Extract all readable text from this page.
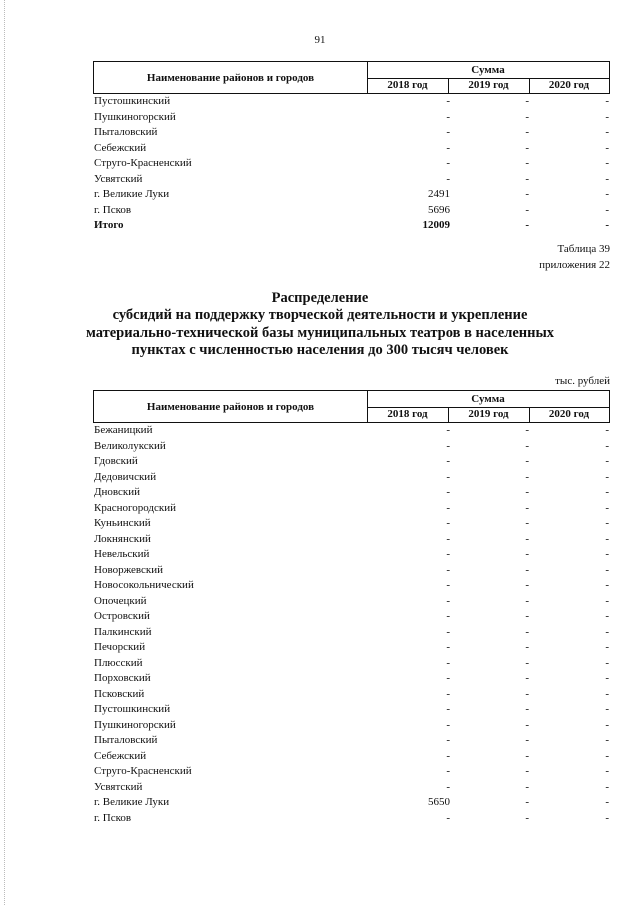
91
Наименование районов и городов
Сумма
2018 год	2019 год	2020 год
Пустошкинский	-	-	-
Пушкиногорский	-	-	-
Пыталовский	-	-	-
Себежский	-	-	-
Струго-Красненский	-	-	-
Усвятский	-	-	-
г. Великие Луки	2491	-	-
г. Псков	5696	-	-
Итого	12009	-	-
Таблица 39
приложения 22
Распределение
субсидий на поддержку творческой деятельности и укрепление
материально-технической базы муниципальных театров в населенных
пунктах с численностью населения до 300 тысяч человек
тыс. рублей
Наименование районов и городов
Сумма
2018 год	2019 год	2020 год
Бежаницкий	-	-	-
Великолукский	-	-	-
Гдовский	-	-	-
Дедовичский	-	-	-
Дновский	-	-	-
Красногородский	-	-	-
Куньинский	-	-	-
Локнянский	-	-	-
Невельский	-	-	-
Новоржевский	-	-	-
Новосокольнический	-	-	-
Опочецкий	-	-	-
Островский	-	-	-
Палкинский	-	-	-
Печорский	-	-	-
Плюсский	-	-	-
Порховский	-	-	-
Псковский	-	-	-
Пустошкинский	-	-	-
Пушкиногорский	-	-	-
Пыталовский	-	-	-
Себежский	-	-	-
Струго-Красненский	-	-	-
Усвятский	-	-	-
г. Великие Луки	5650	-	-
г. Псков	-	-	-
